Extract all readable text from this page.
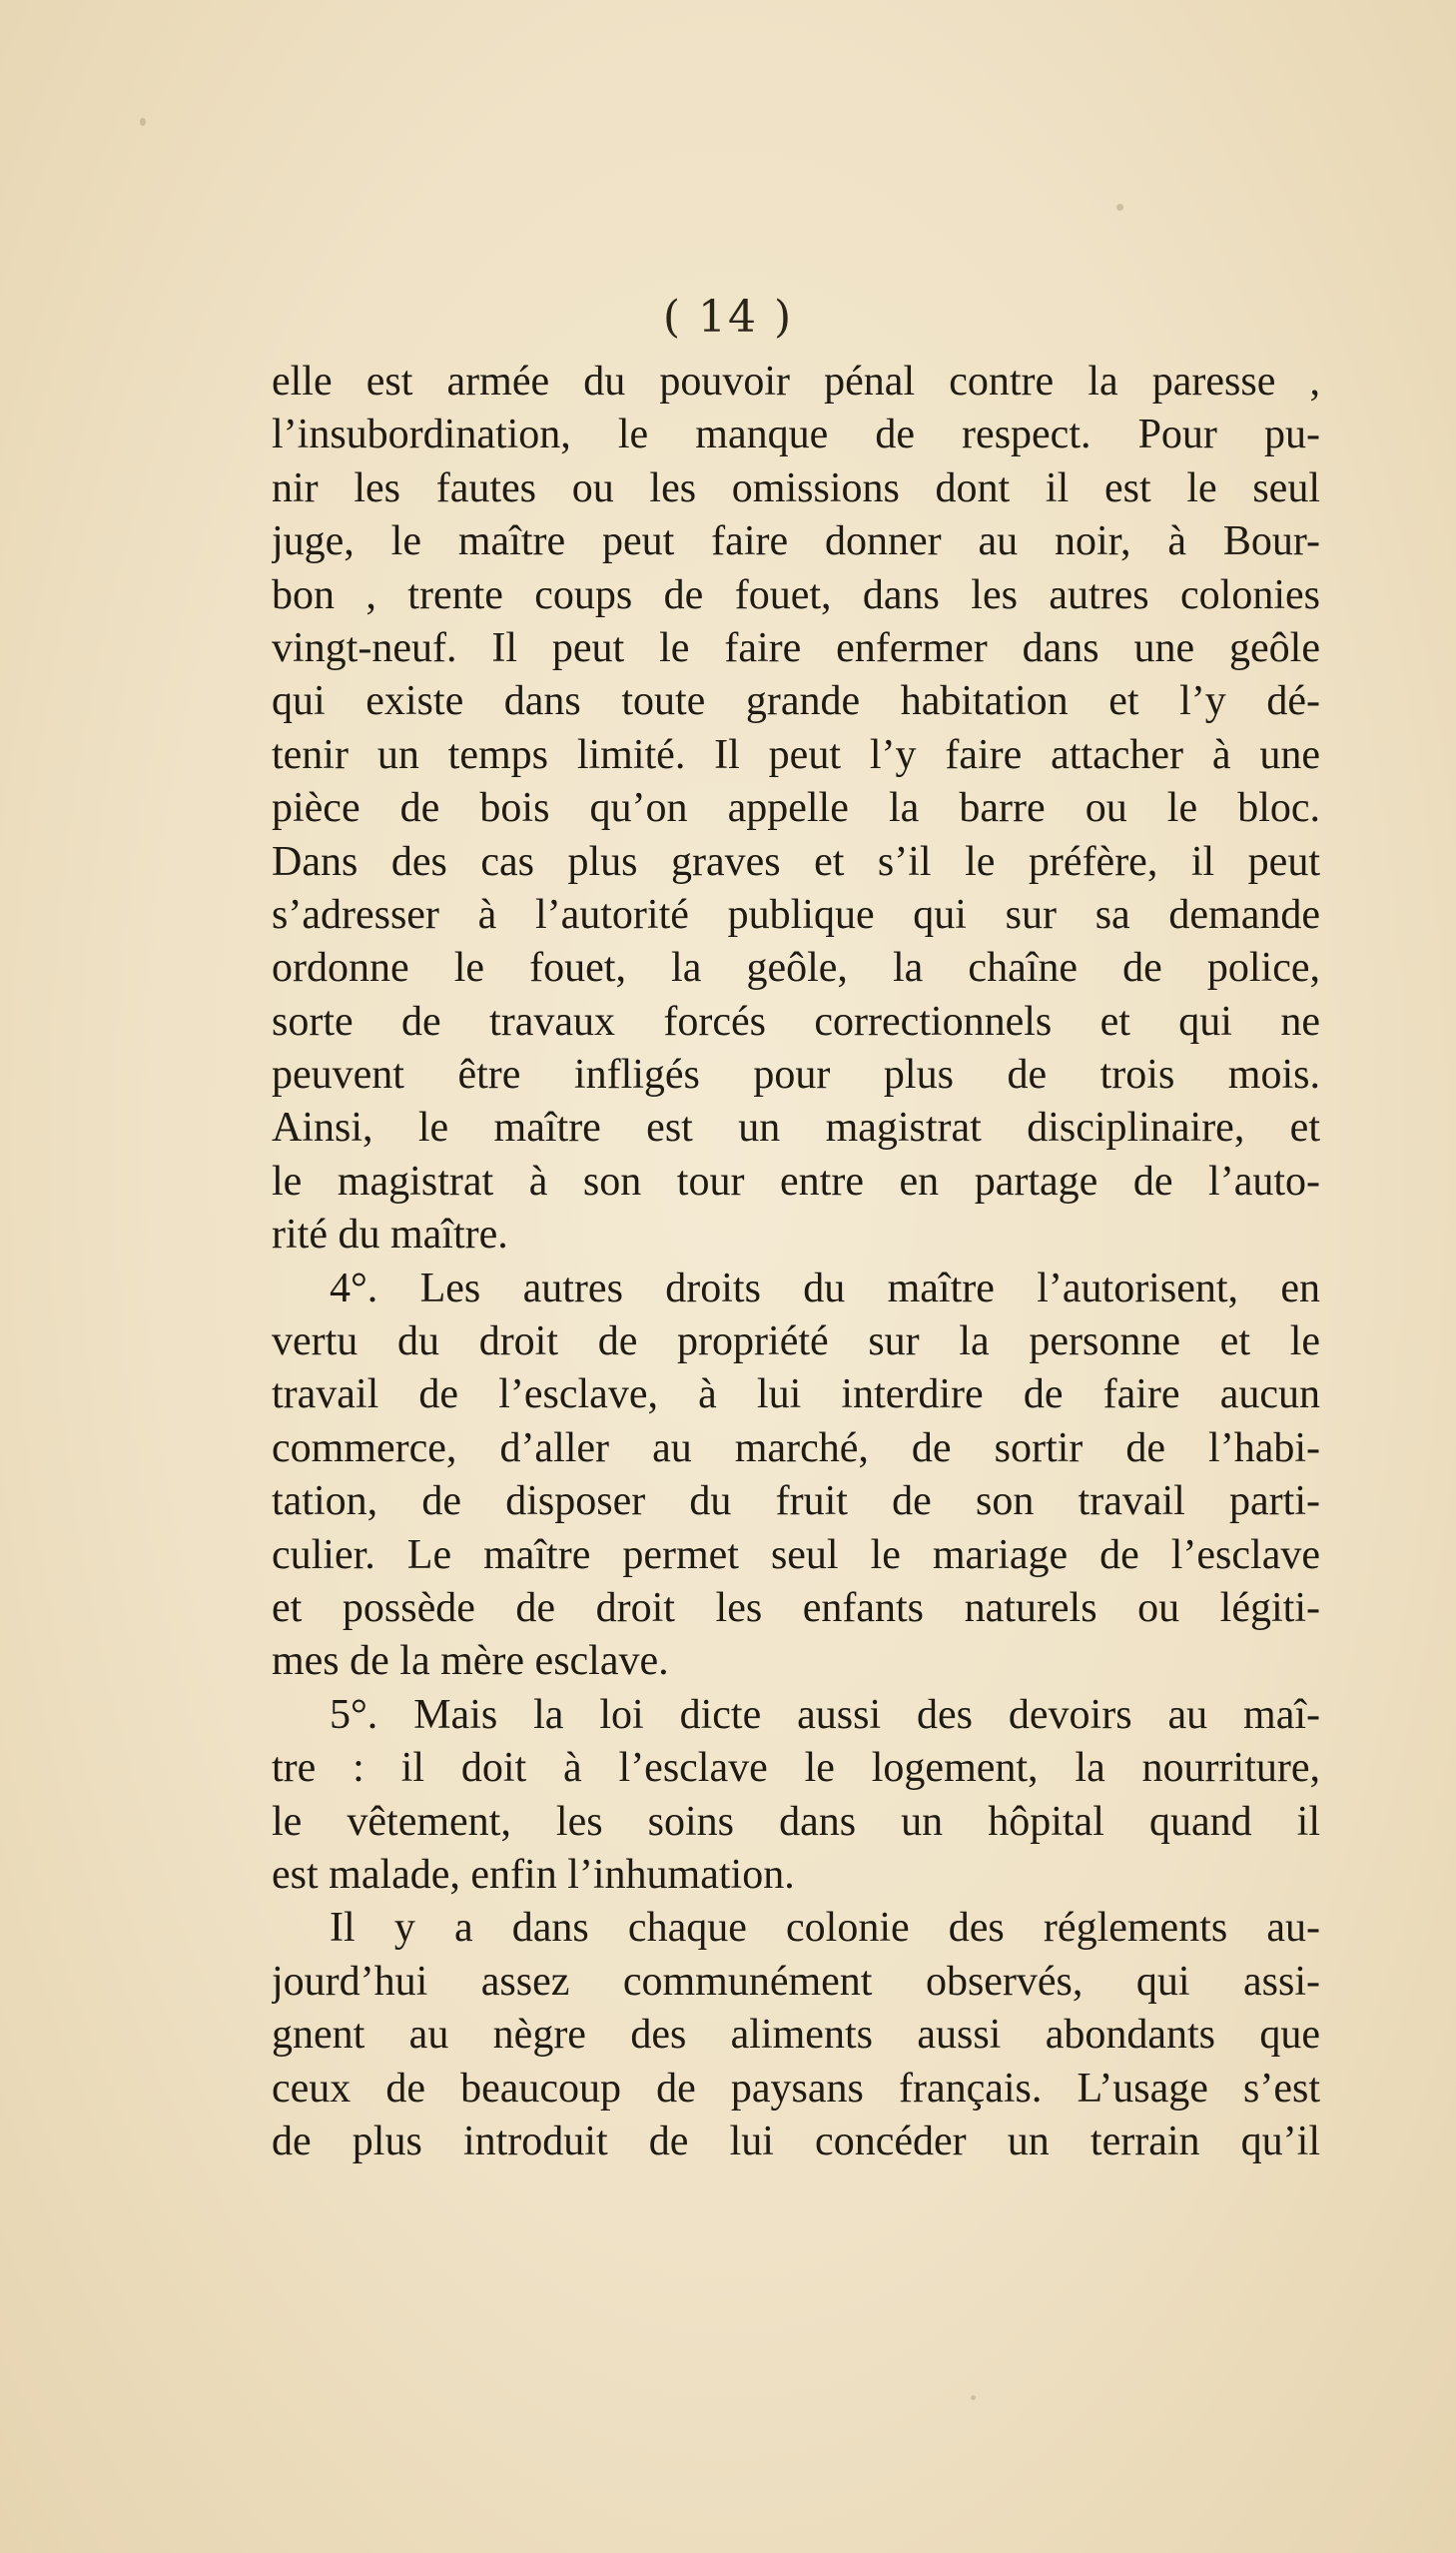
( 14 )
elle est armée du pouvoir pénal contre la paresse ,
l’insubordination, le manque de respect. Pour pu-
nir les fautes ou les omissions dont il est le seul
juge, le maître peut faire donner au noir, à Bour-
bon , trente coups de fouet, dans les autres colonies
vingt-neuf. Il peut le faire enfermer dans une geôle
qui existe dans toute grande habitation et l’y dé-
tenir un temps limité. Il peut l’y faire attacher à une
pièce de bois qu’on appelle la barre ou le bloc.
Dans des cas plus graves et s’il le préfère, il peut
s’adresser à l’autorité publique qui sur sa demande
ordonne le fouet, la geôle, la chaîne de police,
sorte de travaux forcés correctionnels et qui ne
peuvent être infligés pour plus de trois mois.
Ainsi, le maître est un magistrat disciplinaire, et
le magistrat à son tour entre en partage de l’auto-
rité du maître.
4°. Les autres droits du maître l’autorisent, en
vertu du droit de propriété sur la personne et le
travail de l’esclave, à lui interdire de faire aucun
commerce, d’aller au marché, de sortir de l’habi-
tation, de disposer du fruit de son travail parti-
culier. Le maître permet seul le mariage de l’esclave
et possède de droit les enfants naturels ou légiti-
mes de la mère esclave.
5°. Mais la loi dicte aussi des devoirs au maî-
tre : il doit à l’esclave le logement, la nourriture,
le vêtement, les soins dans un hôpital quand il
est malade, enfin l’inhumation.
Il y a dans chaque colonie des réglements au-
jourd’hui assez communément observés, qui assi-
gnent au nègre des aliments aussi abondants que
ceux de beaucoup de paysans français. L’usage s’est
de plus introduit de lui concéder un terrain qu’il
